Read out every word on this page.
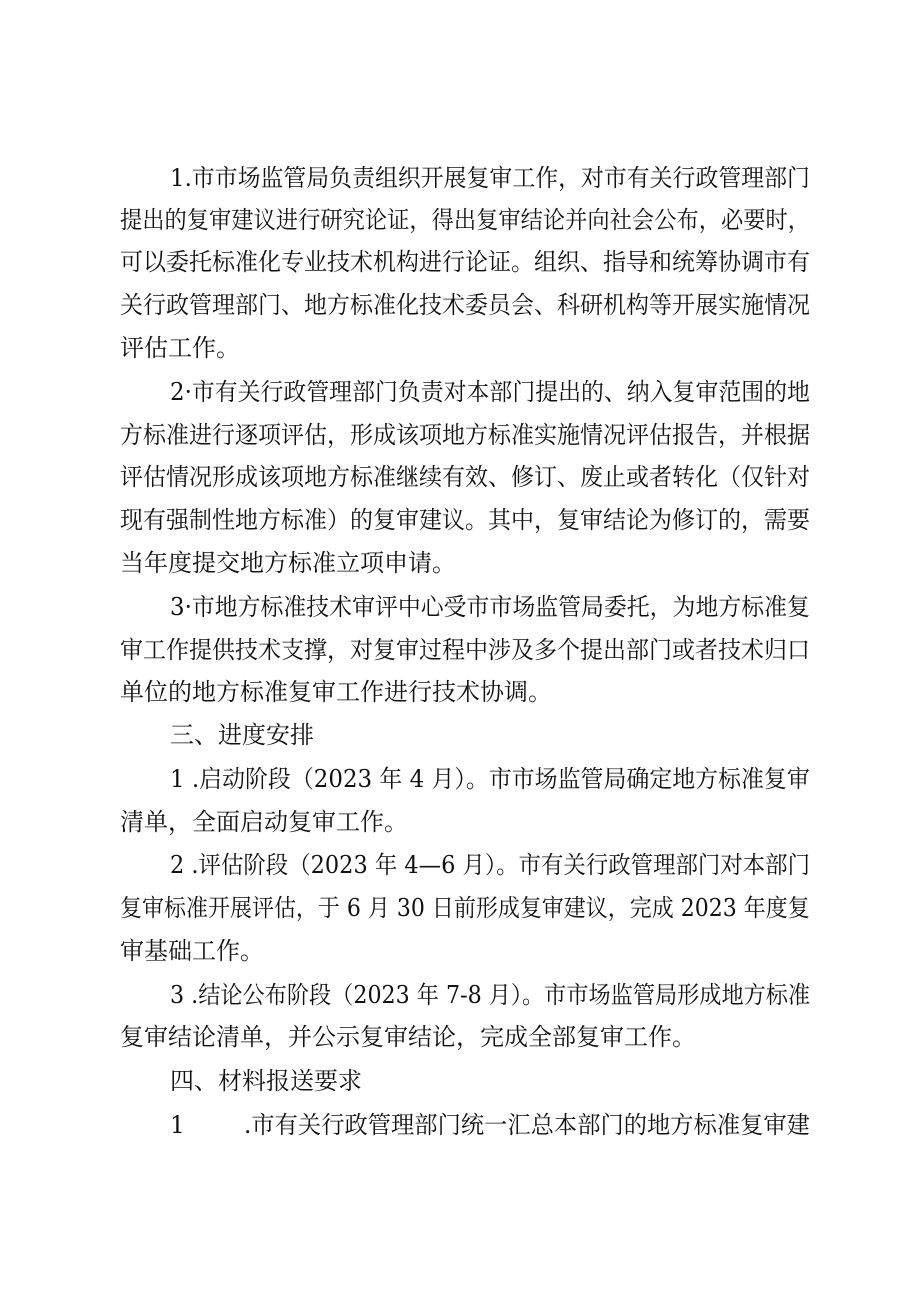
1.市市场监管局负责组织开展复审工作，对市有关行政管理部门
提出的复审建议进行研究论证，得出复审结论并向社会公布，必要时，
可以委托标准化专业技术机构进行论证。组织、指导和统筹协调市有
关行政管理部门、地方标准化技术委员会、科研机构等开展实施情况
评估工作。
2·市有关行政管理部门负责对本部门提出的、纳入复审范围的地
方标准进行逐项评估，形成该项地方标准实施情况评估报告，并根据
评估情况形成该项地方标准继续有效、修订、废止或者转化（仅针对
现有强制性地方标准）的复审建议。其中，复审结论为修订的，需要
当年度提交地方标准立项申请。
3·市地方标准技术审评中心受市市场监管局委托，为地方标准复
审工作提供技术支撑，对复审过程中涉及多个提出部门或者技术归口
单位的地方标准复审工作进行技术协调。
三、进度安排
1 .启动阶段（2023 年 4 月）。市市场监管局确定地方标准复审
清单，全面启动复审工作。
2 .评估阶段（2023 年 4—6 月）。市有关行政管理部门对本部门
复审标准开展评估，于 6 月 30 日前形成复审建议，完成 2023 年度复
审基础工作。
3 .结论公布阶段（2023 年 7-8 月）。市市场监管局形成地方标准
复审结论清单，并公示复审结论，完成全部复审工作。
四、材料报送要求
1        .市有关行政管理部门统一汇总本部门的地方标准复审建
